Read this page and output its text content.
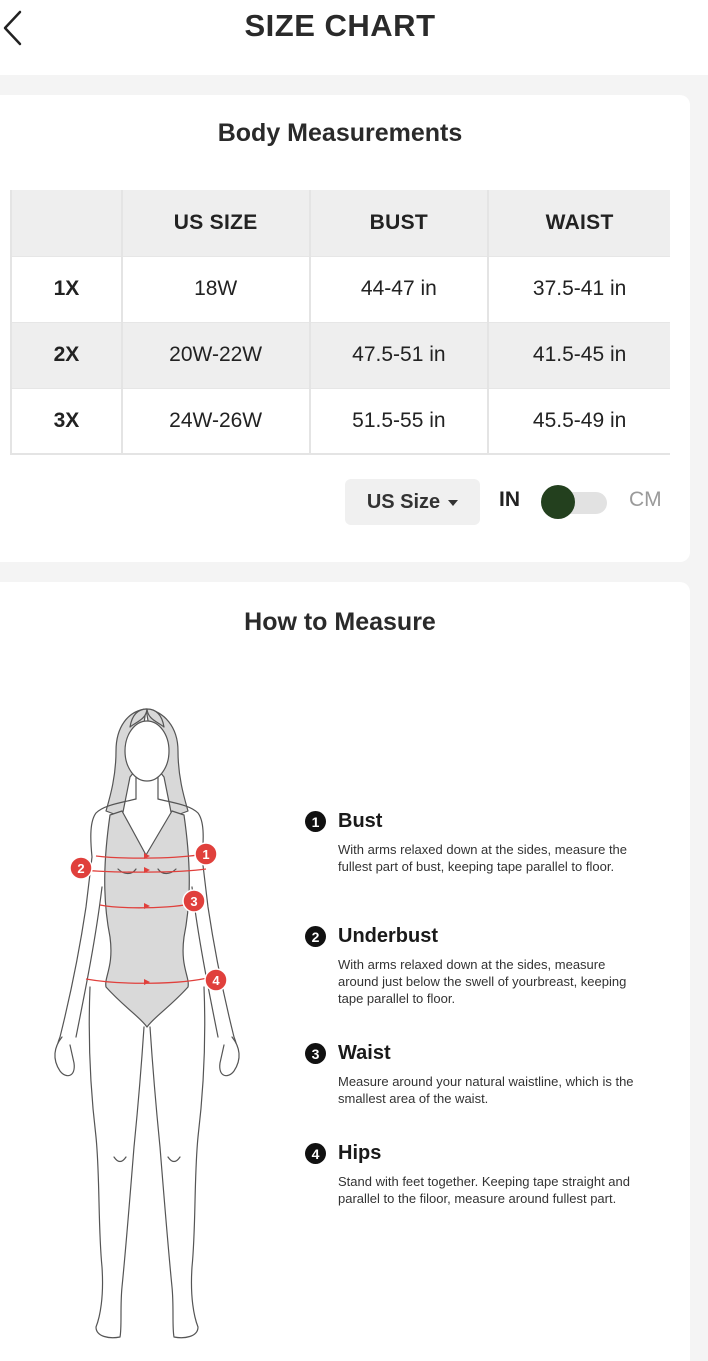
SIZE CHART
Body Measurements
	US SIZE	BUST	WAIST
1X	18W	44-47 in	37.5-41 in
2X	20W-22W	47.5-51 in	41.5-45 in
3X	24W-26W	51.5-55 in	45.5-49 in
US Size	IN	CM
How to Measure
1
2
3
4
1 Bust
With arms relaxed down at the sides, measure the fullest part of bust, keeping tape parallel to floor.
2 Underbust
With arms relaxed down at the sides, measure around just below the swell of yourbreast, keeping tape parallel to floor.
3 Waist
Measure around your natural waistline, which is the smallest area of the waist.
4 Hips
Stand with feet together. Keeping tape straight and parallel to the filoor, measure around fullest part.
